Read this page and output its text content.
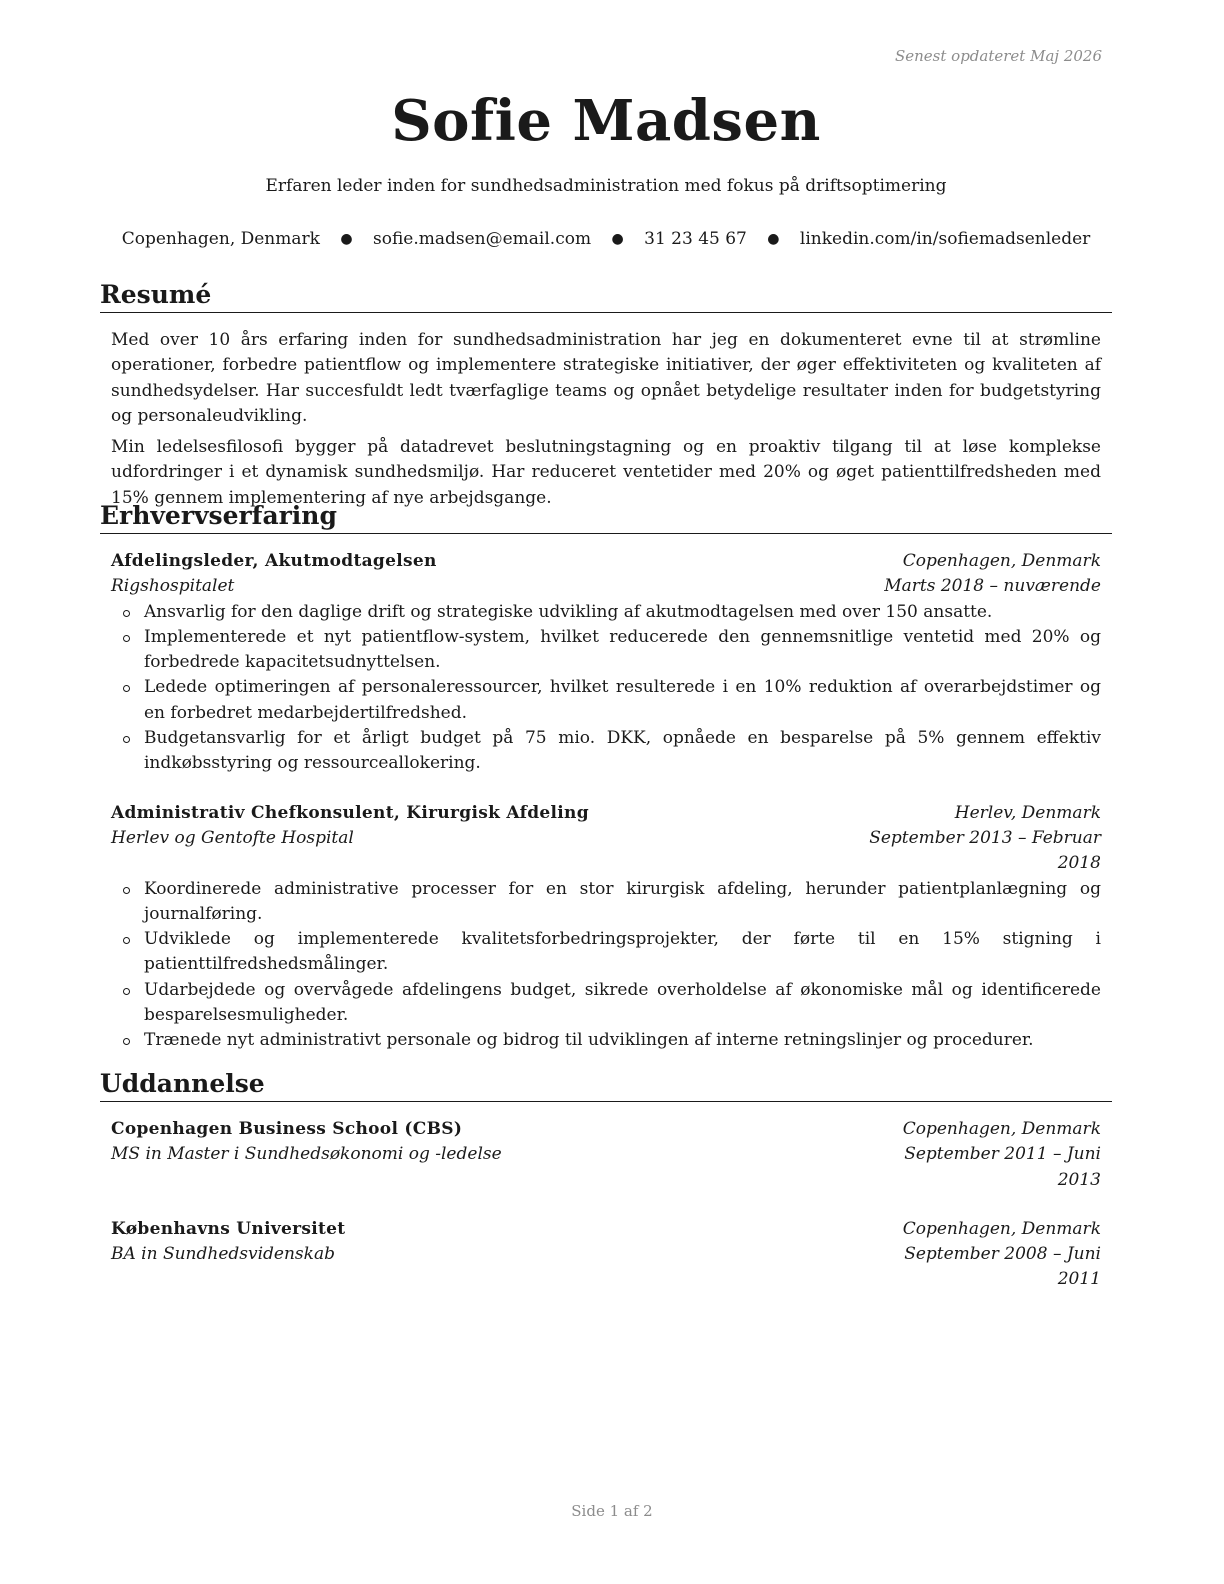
Senest opdateret Maj 2026
Sofie Madsen
Erfaren leder inden for sundhedsadministration med fokus på driftsoptimering
Copenhagen, Denmark ● sofie.madsen@email.com ● 31 23 45 67 ● linkedin.com/in/sofiemadsenleder
Resumé

Med over 10 års erfaring inden for sundhedsadministration har jeg en dokumenteret evne til at strømline operationer, forbedre patientflow og implementere strategiske initiativer, der øger effektiviteten og kvaliteten af sundhedsydelser. Har succesfuldt ledt tværfaglige teams og opnået betydelige resultater inden for budgetstyring og personaleudvikling.

Min ledelsesfilosofi bygger på datadrevet beslutningstagning og en proaktiv tilgang til at løse komplekse udfordringer i et dynamisk sundhedsmiljø. Har reduceret ventetider med 20% og øget patienttilfredsheden med 15% gennem implementering af nye arbejdsgange.

Erhvervserfaring
Afdelingsleder, Akutmodtagelsen	Copenhagen, Denmark
Rigshospitalet	Marts 2018 – nuværende
Ansvarlig for den daglige drift og strategiske udvikling af akutmodtagelsen med over 150 ansatte.
Implementerede et nyt patientflow-system, hvilket reducerede den gennemsnitlige ventetid med 20% og forbedrede kapacitetsudnyttelsen.
Ledede optimeringen af personaleressourcer, hvilket resulterede i en 10% reduktion af overarbejdstimer og en forbedret medarbejdertilfredshed.
Budgetansvarlig for et årligt budget på 75 mio. DKK, opnåede en besparelse på 5% gennem effektiv indkøbsstyring og ressourceallokering.
Administrativ Chefkonsulent, Kirurgisk Afdeling	Herlev, Denmark
Herlev og Gentofte Hospital	September 2013 – Februar 2018
Koordinerede administrative processer for en stor kirurgisk afdeling, herunder patientplanlægning og journalføring.
Udviklede og implementerede kvalitetsforbedringsprojekter, der førte til en 15% stigning i patienttilfredshedsmålinger.
Udarbejdede og overvågede afdelingens budget, sikrede overholdelse af økonomiske mål og identificerede besparelsesmuligheder.
Trænede nyt administrativt personale og bidrog til udviklingen af interne retningslinjer og procedurer.
Uddannelse
Copenhagen Business School (CBS)	Copenhagen, Denmark
MS in Master i Sundhedsøkonomi og -ledelse	September 2011 – Juni 2013
Københavns Universitet	Copenhagen, Denmark
BA in Sundhedsvidenskab	September 2008 – Juni 2011
Side 1 af 2
